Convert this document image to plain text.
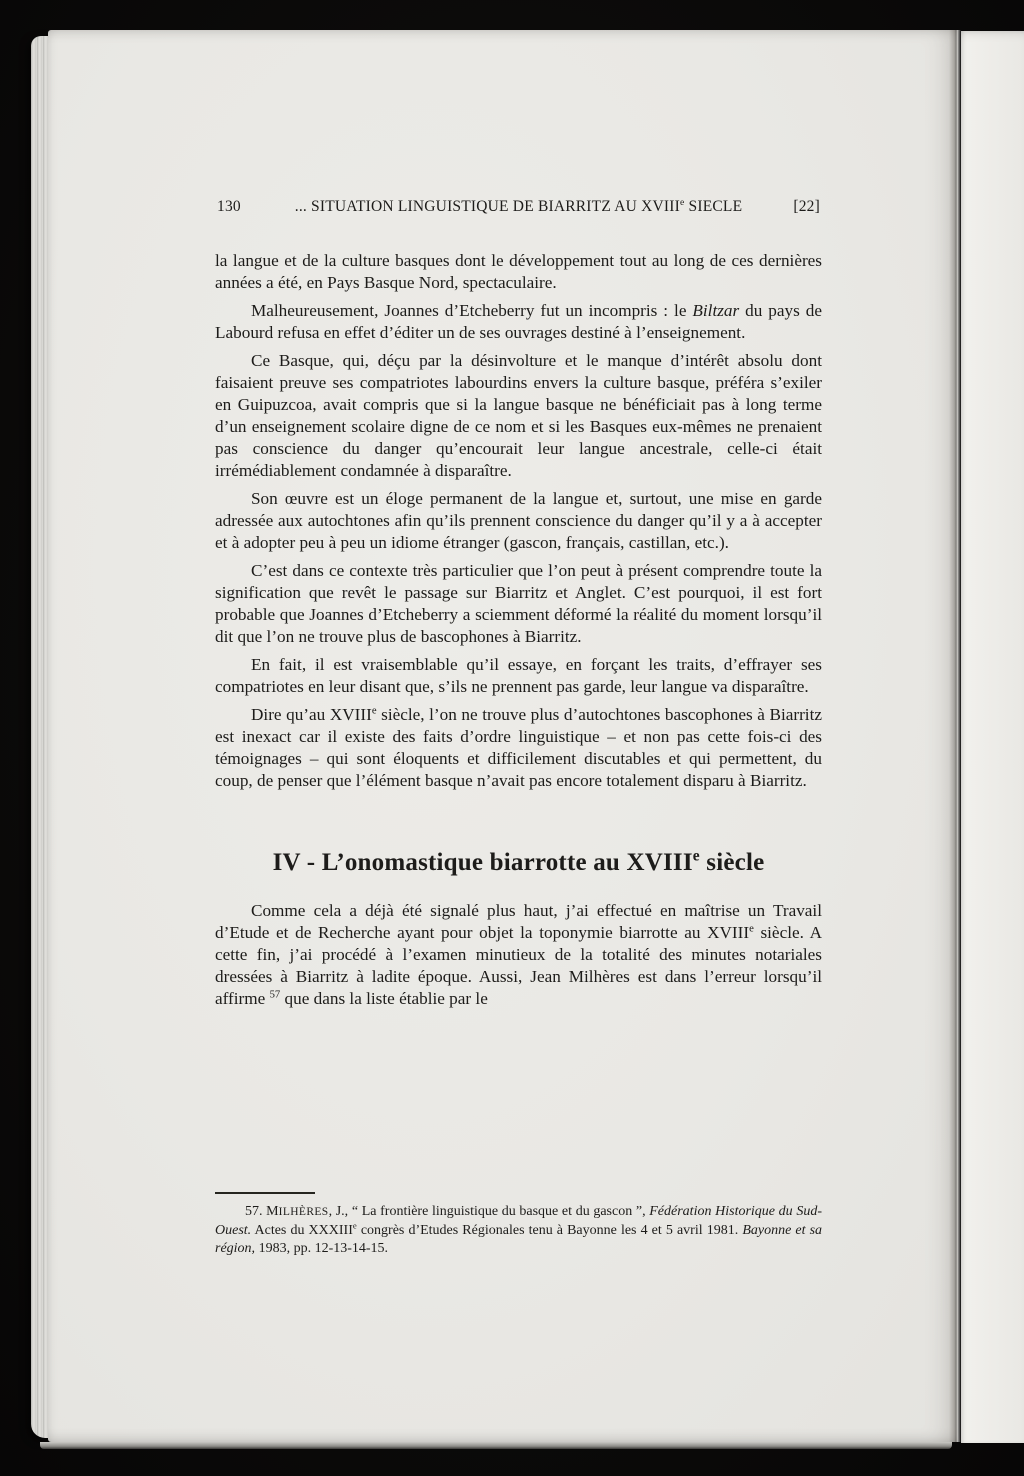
130	... SITUATION LINGUISTIQUE DE BIARRITZ AU XVIIIe SIECLE	[22]

la langue et de la culture basques dont le développement tout au long de ces dernières années a été, en Pays Basque Nord, spectaculaire.

Malheureusement, Joannes d’Etcheberry fut un incompris : le Biltzar du pays de Labourd refusa en effet d’éditer un de ses ouvrages destiné à l’enseignement.

Ce Basque, qui, déçu par la désinvolture et le manque d’intérêt absolu dont faisaient preuve ses compatriotes labourdins envers la culture basque, préféra s’exiler en Guipuzcoa, avait compris que si la langue basque ne bénéficiait pas à long terme d’un enseignement scolaire digne de ce nom et si les Basques eux-mêmes ne prenaient pas conscience du danger qu’encourait leur langue ancestrale, celle-ci était irrémédiablement condamnée à disparaître.

Son œuvre est un éloge permanent de la langue et, surtout, une mise en garde adressée aux autochtones afin qu’ils prennent conscience du danger qu’il y a à accepter et à adopter peu à peu un idiome étranger (gascon, français, castillan, etc.).

C’est dans ce contexte très particulier que l’on peut à présent comprendre toute la signification que revêt le passage sur Biarritz et Anglet. C’est pourquoi, il est fort probable que Joannes d’Etcheberry a sciemment déformé la réalité du moment lorsqu’il dit que l’on ne trouve plus de bascophones à Biarritz.

En fait, il est vraisemblable qu’il essaye, en forçant les traits, d’effrayer ses compatriotes en leur disant que, s’ils ne prennent pas garde, leur langue va disparaître.

Dire qu’au XVIIIe siècle, l’on ne trouve plus d’autochtones bascophones à Biarritz est inexact car il existe des faits d’ordre linguistique – et non pas cette fois-ci des témoignages – qui sont éloquents et difficilement discutables et qui permettent, du coup, de penser que l’élément basque n’avait pas encore totalement disparu à Biarritz.

IV - L’onomastique biarrotte au XVIIIe siècle

Comme cela a déjà été signalé plus haut, j’ai effectué en maîtrise un Travail d’Etude et de Recherche ayant pour objet la toponymie biarrotte au XVIIIe siècle. A cette fin, j’ai procédé à l’examen minutieux de la totalité des minutes notariales dressées à Biarritz à ladite époque. Aussi, Jean Milhères est dans l’erreur lorsqu’il affirme $^{57}$ que dans la liste établie par le

57. MILHÈRES, J., “ La frontière linguistique du basque et du gascon ”, Fédération Historique du Sud-Ouest. Actes du XXXIIIe congrès d’Etudes Régionales tenu à Bayonne les 4 et 5 avril 1981. Bayonne et sa région, 1983, pp. 12-13-14-15.
